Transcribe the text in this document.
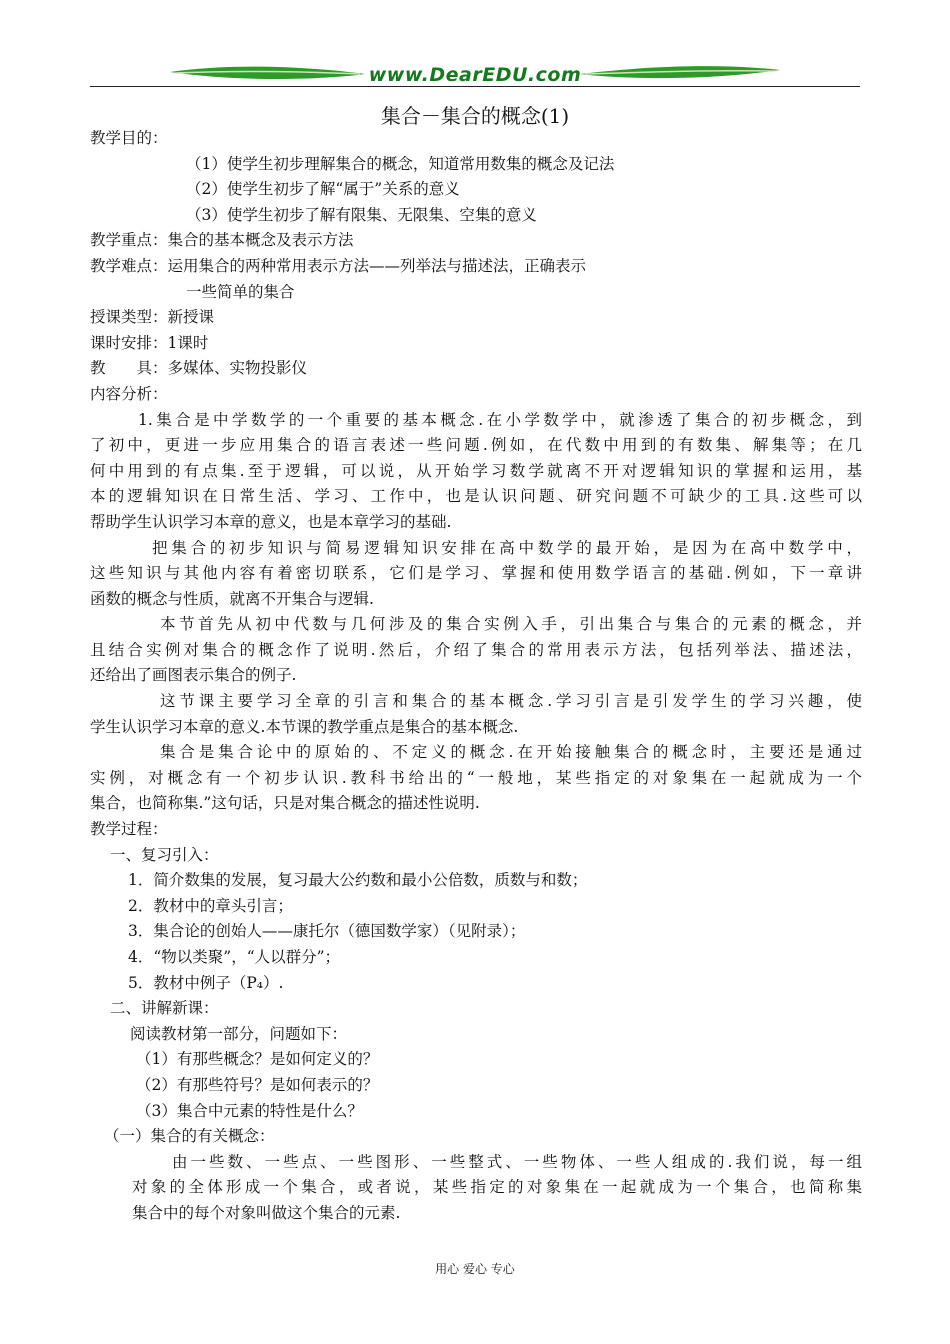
www.DearEDU.com
集合－集合的概念(1)
教学目的：
（1）使学生初步理解集合的概念，知道常用数集的概念及记法
（2）使学生初步了解“属于”关系的意义
（3）使学生初步了解有限集、无限集、空集的意义
教学重点：集合的基本概念及表示方法
教学难点：运用集合的两种常用表示方法——列举法与描述法，正确表示
一些简单的集合
授课类型：新授课
课时安排：1课时
教　　具：多媒体、实物投影仪
内容分析：
1.集合是中学数学的一个重要的基本概念.在小学数学中，就渗透了集合的初步概念，到
了初中，更进一步应用集合的语言表述一些问题.例如，在代数中用到的有数集、解集等；在几
何中用到的有点集.至于逻辑，可以说，从开始学习数学就离不开对逻辑知识的掌握和运用，基
本的逻辑知识在日常生活、学习、工作中，也是认识问题、研究问题不可缺少的工具.这些可以
帮助学生认识学习本章的意义，也是本章学习的基础.
把集合的初步知识与简易逻辑知识安排在高中数学的最开始，是因为在高中数学中，
这些知识与其他内容有着密切联系，它们是学习、掌握和使用数学语言的基础.例如，下一章讲
函数的概念与性质，就离不开集合与逻辑.
本节首先从初中代数与几何涉及的集合实例入手，引出集合与集合的元素的概念，并
且结合实例对集合的概念作了说明.然后，介绍了集合的常用表示方法，包括列举法、描述法，
还给出了画图表示集合的例子.
这节课主要学习全章的引言和集合的基本概念.学习引言是引发学生的学习兴趣，使
学生认识学习本章的意义.本节课的教学重点是集合的基本概念.
集合是集合论中的原始的、不定义的概念.在开始接触集合的概念时，主要还是通过
实例，对概念有一个初步认识.教科书给出的“一般地，某些指定的对象集在一起就成为一个
集合，也简称集.”这句话，只是对集合概念的描述性说明.
教学过程：
一、复习引入：
1．简介数集的发展，复习最大公约数和最小公倍数，质数与和数；
2．教材中的章头引言；
3．集合论的创始人——康托尔（德国数学家）（见附录）；
4．“物以类聚”，“人以群分”；
5．教材中例子（P₄）.
二、讲解新课：
阅读教材第一部分，问题如下：
（1）有那些概念？是如何定义的？
（2）有那些符号？是如何表示的？
（3）集合中元素的特性是什么？
（一）集合的有关概念：
由一些数、一些点、一些图形、一些整式、一些物体、一些人组成的.我们说，每一组
对象的全体形成一个集合，或者说，某些指定的对象集在一起就成为一个集合，也简称集
集合中的每个对象叫做这个集合的元素.
用心 爱心 专心
